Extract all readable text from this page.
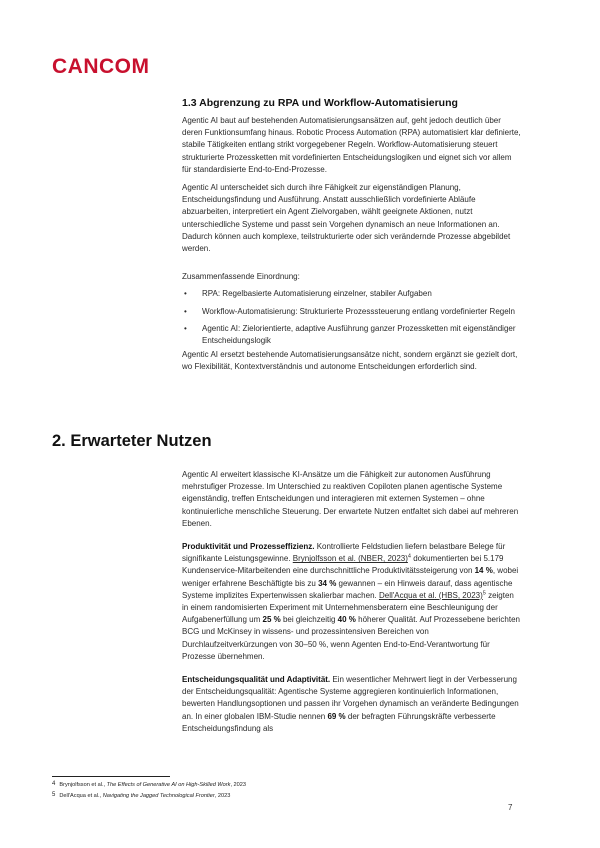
CANCOM
1.3 Abgrenzung zu RPA und Workflow-Automatisierung

Agentic AI baut auf bestehenden Automatisierungsansätzen auf, geht jedoch deutlich über deren Funktionsumfang hinaus. Robotic Process Automation (RPA) automatisiert klar definierte, stabile Tätigkeiten entlang strikt vorgegebener Regeln. Workflow-Automatisierung steuert strukturierte Prozessketten mit vordefinierten Entscheidungslogiken und eignet sich vor allem für standardisierte End-to-End-Prozesse.

Agentic AI unterscheidet sich durch ihre Fähigkeit zur eigenständigen Planung, Entscheidungsfindung und Ausführung. Anstatt ausschließlich vordefinierte Abläufe abzuarbeiten, interpretiert ein Agent Zielvorgaben, wählt geeignete Aktionen, nutzt unterschiedliche Systeme und passt sein Vorgehen dynamisch an neue Informationen an. Dadurch können auch komplexe, teilstrukturierte oder sich verändernde Prozesse abgebildet werden.

Zusammenfassende Einordnung:

• RPA: Regelbasierte Automatisierung einzelner, stabiler Aufgaben
• Workflow-Automatisierung: Strukturierte Prozesssteuerung entlang vordefinierter Regeln
• Agentic AI: Zielorientierte, adaptive Ausführung ganzer Prozessketten mit eigenständiger Entscheidungslogik

Agentic AI ersetzt bestehende Automatisierungsansätze nicht, sondern ergänzt sie gezielt dort, wo Flexibilität, Kontextverständnis und autonome Entscheidungen erforderlich sind.

2. Erwarteter Nutzen

Agentic AI erweitert klassische KI-Ansätze um die Fähigkeit zur autonomen Ausführung mehrstufiger Prozesse. Im Unterschied zu reaktiven Copiloten planen agentische Systeme eigenständig, treffen Entscheidungen und interagieren mit externen Systemen – ohne kontinuierliche menschliche Steuerung. Der erwartete Nutzen entfaltet sich dabei auf mehreren Ebenen.

Produktivität und Prozesseffizienz. Kontrollierte Feldstudien liefern belastbare Belege für signifikante Leistungsgewinne. Brynjolfsson et al. (NBER, 2023)$^4$ dokumentierten bei 5.179 Kundenservice-Mitarbeitenden eine durchschnittliche Produktivitätssteigerung von 14 %, wobei weniger erfahrene Beschäftigte bis zu 34 % gewannen – ein Hinweis darauf, dass agentische Systeme implizites Expertenwissen skalierbar machen. Dell'Acqua et al. (HBS, 2023)$^5$ zeigten in einem randomisierten Experiment mit Unternehmensberatern eine Beschleunigung der Aufgabenerfüllung um 25 % bei gleichzeitig 40 % höherer Qualität. Auf Prozessebene berichten BCG und McKinsey in wissens- und prozessintensiven Bereichen von Durchlaufzeitverkürzungen von 30–50 %, wenn Agenten End-to-End-Verantwortung für Prozesse übernehmen.

Entscheidungsqualität und Adaptivität. Ein wesentlicher Mehrwert liegt in der Verbesserung der Entscheidungsqualität: Agentische Systeme aggregieren kontinuierlich Informationen, bewerten Handlungsoptionen und passen ihr Vorgehen dynamisch an veränderte Bedingungen an. In einer globalen IBM-Studie nennen 69 % der befragten Führungskräfte verbesserte Entscheidungsfindung als

4 Brynjolfsson et al., The Effects of Generative AI on High-Skilled Work, 2023
5 Dell'Acqua et al., Navigating the Jagged Technological Frontier, 2023
7
